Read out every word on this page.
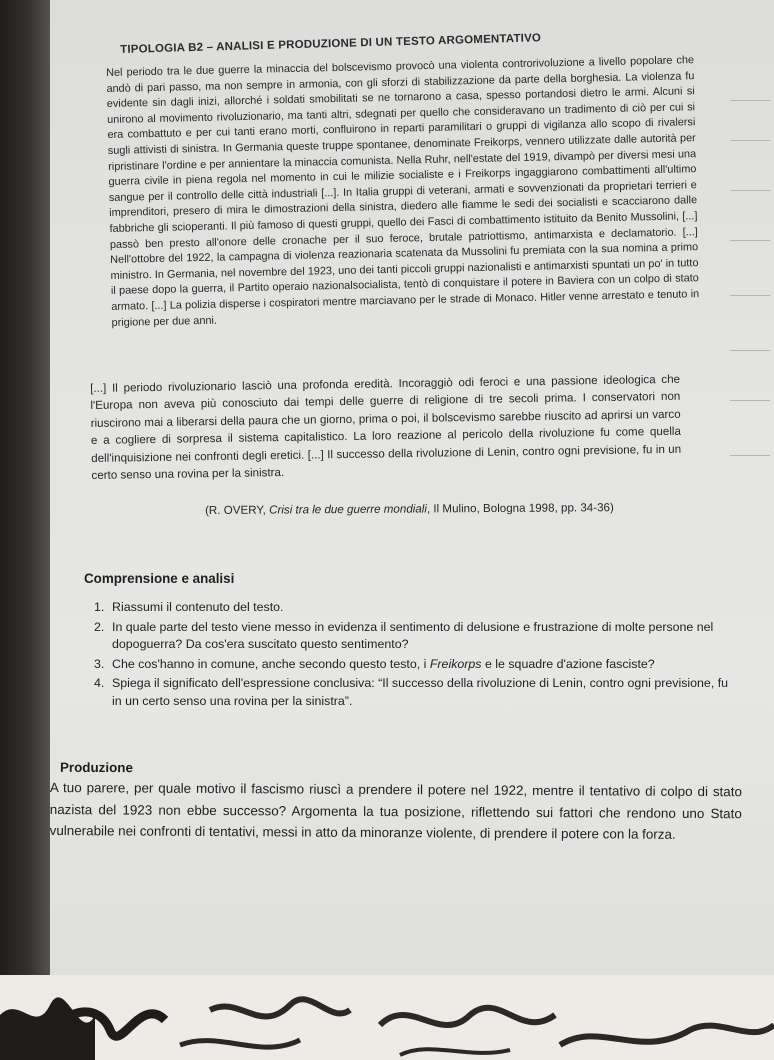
TIPOLOGIA B2 – ANALISI E PRODUZIONE DI UN TESTO ARGOMENTATIVO
Nel periodo tra le due guerre la minaccia del bolscevismo provocò una violenta controrivoluzione a livello popolare che andò di pari passo, ma non sempre in armonia, con gli sforzi di stabilizzazione da parte della borghesia. La violenza fu evidente sin dagli inizi, allorché i soldati smobilitati se ne tornarono a casa, spesso portandosi dietro le armi. Alcuni si unirono al movimento rivoluzionario, ma tanti altri, sdegnati per quello che consideravano un tradimento di ciò per cui si era combattuto e per cui tanti erano morti, confluirono in reparti paramilitari o gruppi di vigilanza allo scopo di rivalersi sugli attivisti di sinistra. In Germania queste truppe spontanee, denominate Freikorps, vennero utilizzate dalle autorità per ripristinare l'ordine e per annientare la minaccia comunista. Nella Ruhr, nell'estate del 1919, divampò per diversi mesi una guerra civile in piena regola nel momento in cui le milizie socialiste e i Freikorps ingaggiarono combattimenti all'ultimo sangue per il controllo delle città industriali [...]. In Italia gruppi di veterani, armati e sovvenzionati da proprietari terrieri e imprenditori, presero di mira le dimostrazioni della sinistra, diedero alle fiamme le sedi dei socialisti e scacciarono dalle fabbriche gli scioperanti. Il più famoso di questi gruppi, quello dei Fasci di combattimento istituito da Benito Mussolini, [...] passò ben presto all'onore delle cronache per il suo feroce, brutale patriottismo, antimarxista e declamatorio. [...] Nell'ottobre del 1922, la campagna di violenza reazionaria scatenata da Mussolini fu premiata con la sua nomina a primo ministro. In Germania, nel novembre del 1923, uno dei tanti piccoli gruppi nazionalisti e antimarxisti spuntati un po' in tutto il paese dopo la guerra, il Partito operaio nazionalsocialista, tentò di conquistare il potere in Baviera con un colpo di stato armato. [...] La polizia disperse i cospiratori mentre marciavano per le strade di Monaco. Hitler venne arrestato e tenuto in prigione per due anni.
[...] Il periodo rivoluzionario lasciò una profonda eredità. Incoraggiò odi feroci e una passione ideologica che l'Europa non aveva più conosciuto dai tempi delle guerre di religione di tre secoli prima. I conservatori non riuscirono mai a liberarsi della paura che un giorno, prima o poi, il bolscevismo sarebbe riuscito ad aprirsi un varco e a cogliere di sorpresa il sistema capitalistico. La loro reazione al pericolo della rivoluzione fu come quella dell'inquisizione nei confronti degli eretici. [...] Il successo della rivoluzione di Lenin, contro ogni previsione, fu in un certo senso una rovina per la sinistra.
(R. OVERY, Crisi tra le due guerre mondiali, Il Mulino, Bologna 1998, pp. 34-36)
Comprensione e analisi
1. Riassumi il contenuto del testo.
2. In quale parte del testo viene messo in evidenza il sentimento di delusione e frustrazione di molte persone nel dopoguerra? Da cos'era suscitato questo sentimento?
3. Che cos'hanno in comune, anche secondo questo testo, i Freikorps e le squadre d'azione fasciste?
4. Spiega il significato dell'espressione conclusiva: “Il successo della rivoluzione di Lenin, contro ogni previsione, fu in un certo senso una rovina per la sinistra”.
Produzione
A tuo parere, per quale motivo il fascismo riuscì a prendere il potere nel 1922, mentre il tentativo di colpo di stato nazista del 1923 non ebbe successo? Argomenta la tua posizione, riflettendo sui fattori che rendono uno Stato vulnerabile nei confronti di tentativi, messi in atto da minoranze violente, di prendere il potere con la forza.
